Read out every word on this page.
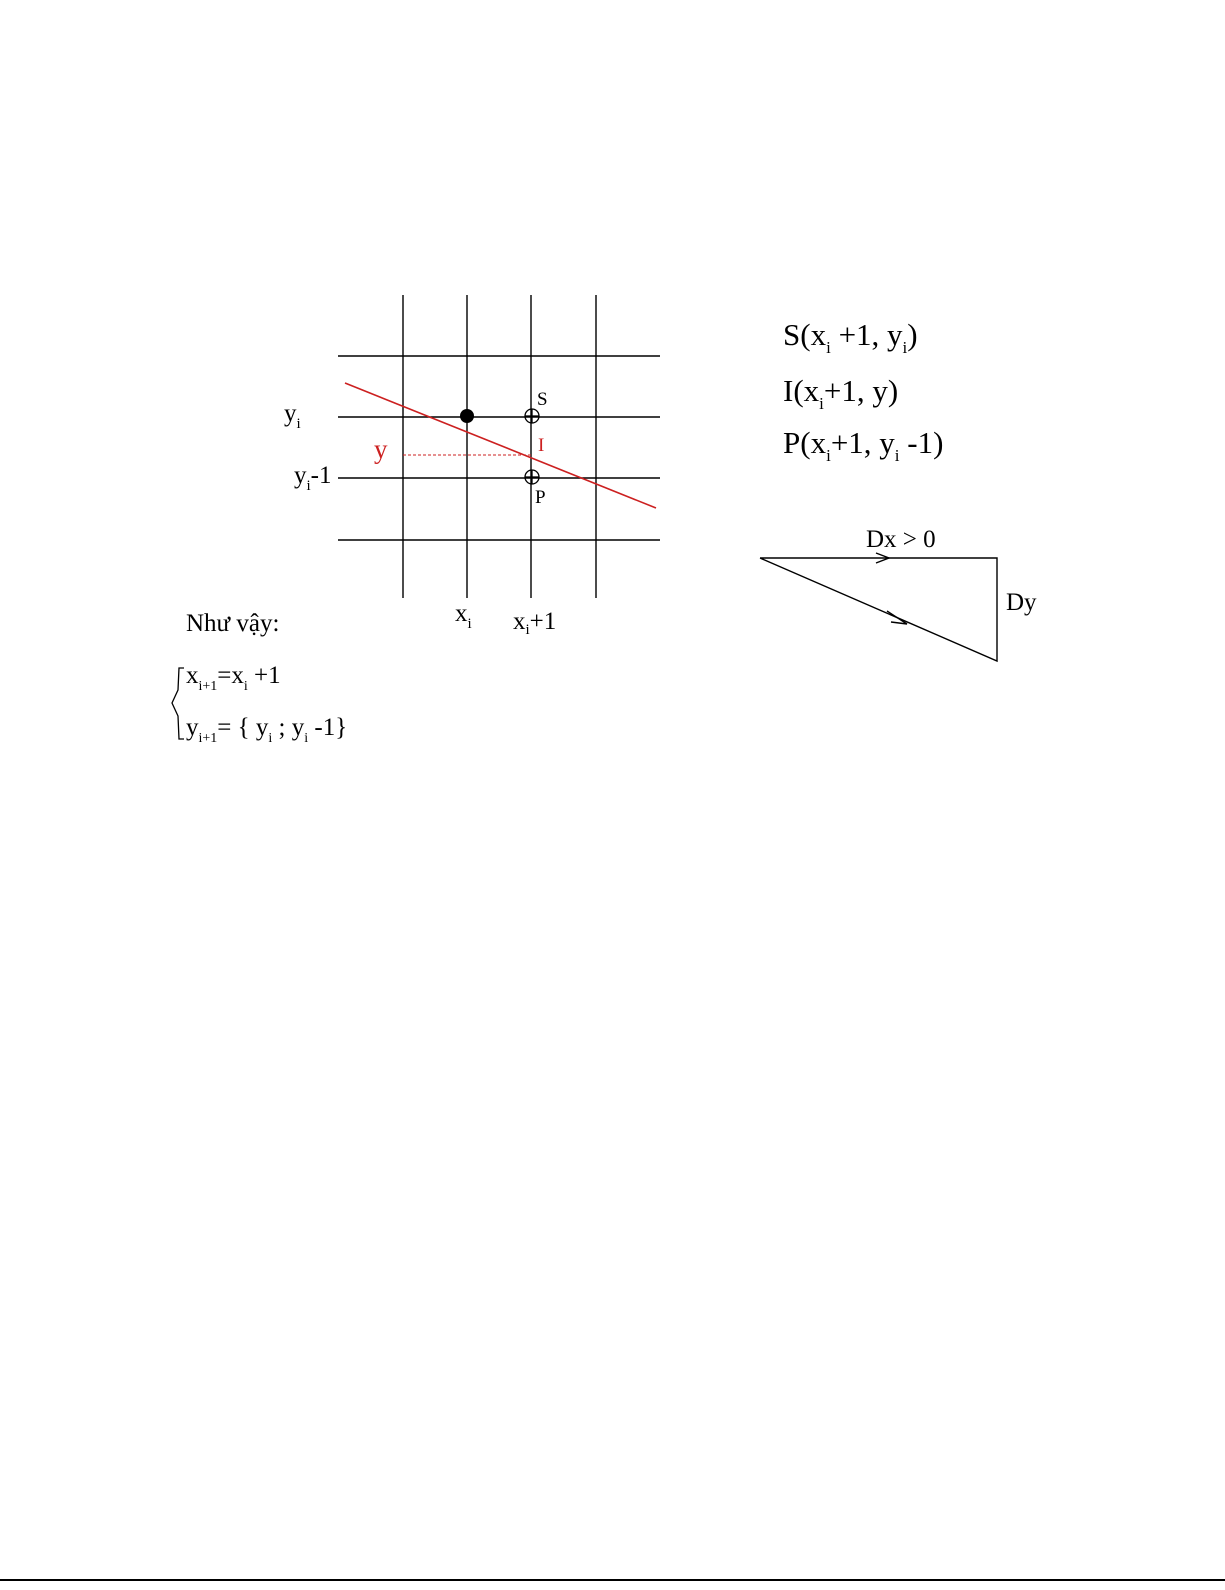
S
I
P
$y_i$
y
$y_i-1$
$x_i$ $x_i+1$
$S(x_i +1$, $y_i$)
$I(x_i+1$, y)
$P(x_i+1$, $y_i$ -1)
Dx > 0
Dy
Như vậy:
$x_{i+1}=x_i +1$
$y_{i+1}=$ { $y_i$ ; $y_i$ -1}
